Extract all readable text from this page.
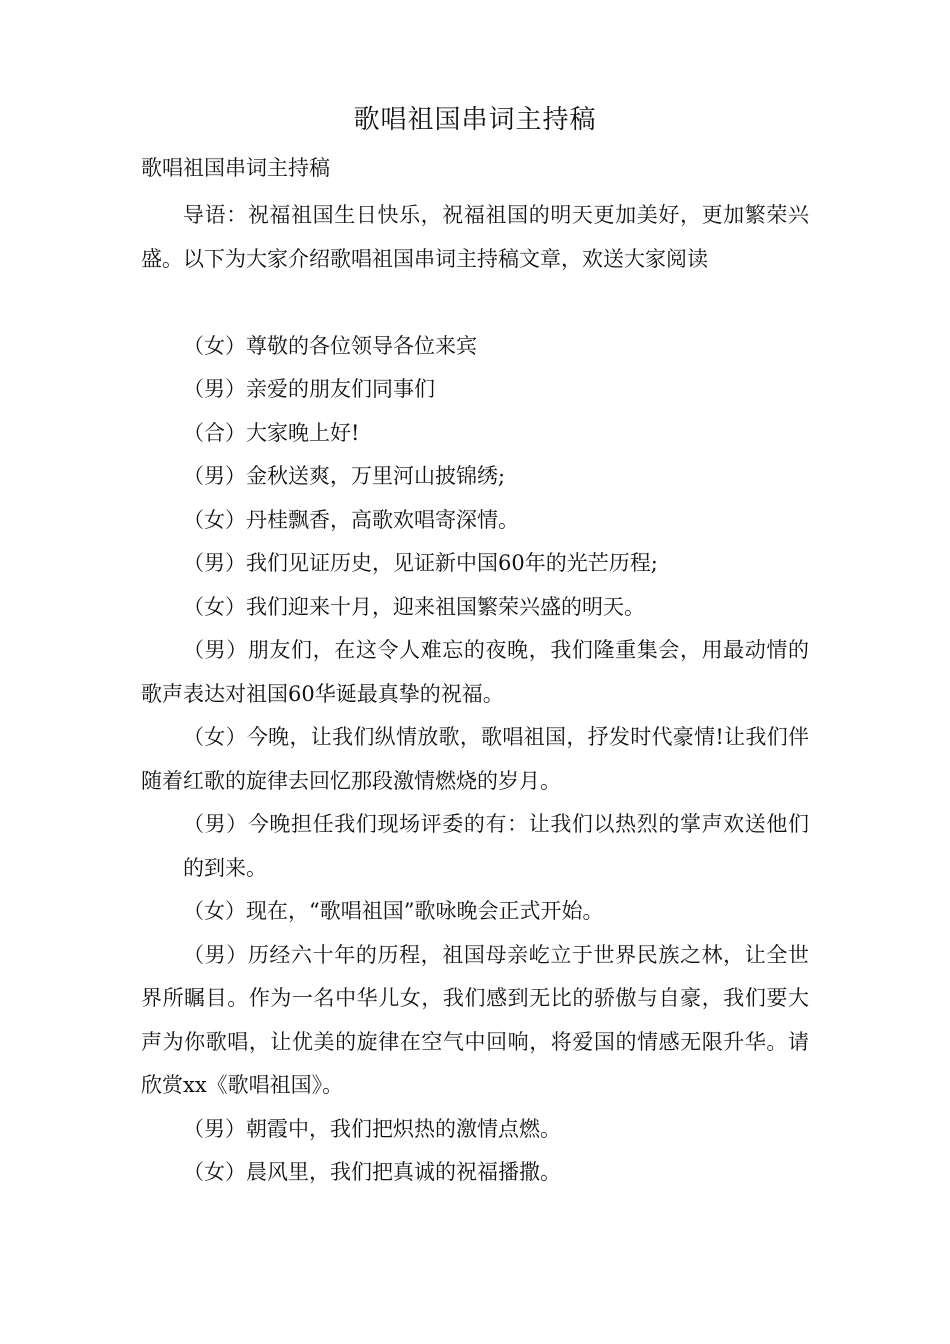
歌唱祖国串词主持稿
歌唱祖国串词主持稿

导语：祝福祖国生日快乐，祝福祖国的明天更加美好，更加繁荣兴盛。以下为大家介绍歌唱祖国串词主持稿文章，欢送大家阅读

（女）尊敬的各位领导各位来宾

（男）亲爱的朋友们同事们

（合）大家晚上好!

（男）金秋送爽，万里河山披锦绣;

（女）丹桂飘香，高歌欢唱寄深情。

（男）我们见证历史，见证新中国60年的光芒历程;

（女）我们迎来十月，迎来祖国繁荣兴盛的明天。

（男）朋友们，在这令人难忘的夜晚，我们隆重集会，用最动情的歌声表达对祖国60华诞最真挚的祝福。

（女）今晚，让我们纵情放歌，歌唱祖国，抒发时代豪情!让我们伴随着红歌的旋律去回忆那段激情燃烧的岁月。

（男）今晚担任我们现场评委的有：让我们以热烈的掌声欢送他们的到来。

（女）现在，“歌唱祖国”歌咏晚会正式开始。

（男）历经六十年的历程，祖国母亲屹立于世界民族之林，让全世界所瞩目。作为一名中华儿女，我们感到无比的骄傲与自豪，我们要大声为你歌唱，让优美的旋律在空气中回响，将爱国的情感无限升华。请欣赏xx《歌唱祖国》。

（男）朝霞中，我们把炽热的激情点燃。

（女）晨风里，我们把真诚的祝福播撒。
